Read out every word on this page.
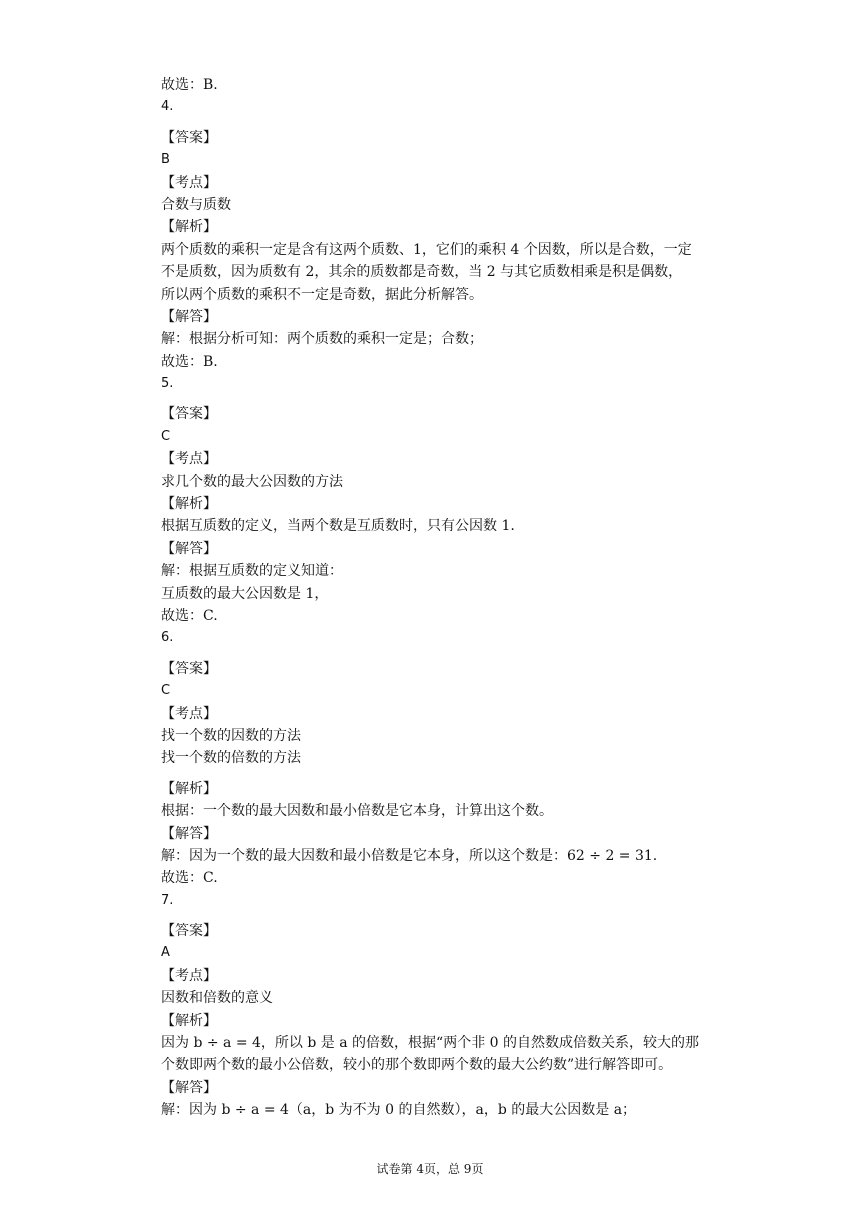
故选：B.

4.

【答案】

B

【考点】

合数与质数

【解析】

两个质数的乘积一定是含有这两个质数、1，它们的乘积 4 个因数，所以是合数，一定

不是质数，因为质数有 2，其余的质数都是奇数，当 2 与其它质数相乘是积是偶数，

所以两个质数的乘积不一定是奇数，据此分析解答。

【解答】

解：根据分析可知：两个质数的乘积一定是；合数；

故选：B.

5.

【答案】

C

【考点】

求几个数的最大公因数的方法

【解析】

根据互质数的定义，当两个数是互质数时，只有公因数 1.

【解答】

解：根据互质数的定义知道：

互质数的最大公因数是 1，

故选：C.

6.

【答案】

C

【考点】

找一个数的因数的方法

找一个数的倍数的方法

【解析】

根据：一个数的最大因数和最小倍数是它本身，计算出这个数。

【解答】

解：因为一个数的最大因数和最小倍数是它本身，所以这个数是：62 ÷ 2 = 31.

故选：C.

7.

【答案】

A

【考点】

因数和倍数的意义

【解析】

因为 b ÷ a = 4，所以 b 是 a 的倍数，根据“两个非 0 的自然数成倍数关系，较大的那

个数即两个数的最小公倍数，较小的那个数即两个数的最大公约数”进行解答即可。

【解答】

解：因为 b ÷ a = 4（a，b 为不为 0 的自然数），a，b 的最大公因数是 a；

试卷第 4页，总 9页
